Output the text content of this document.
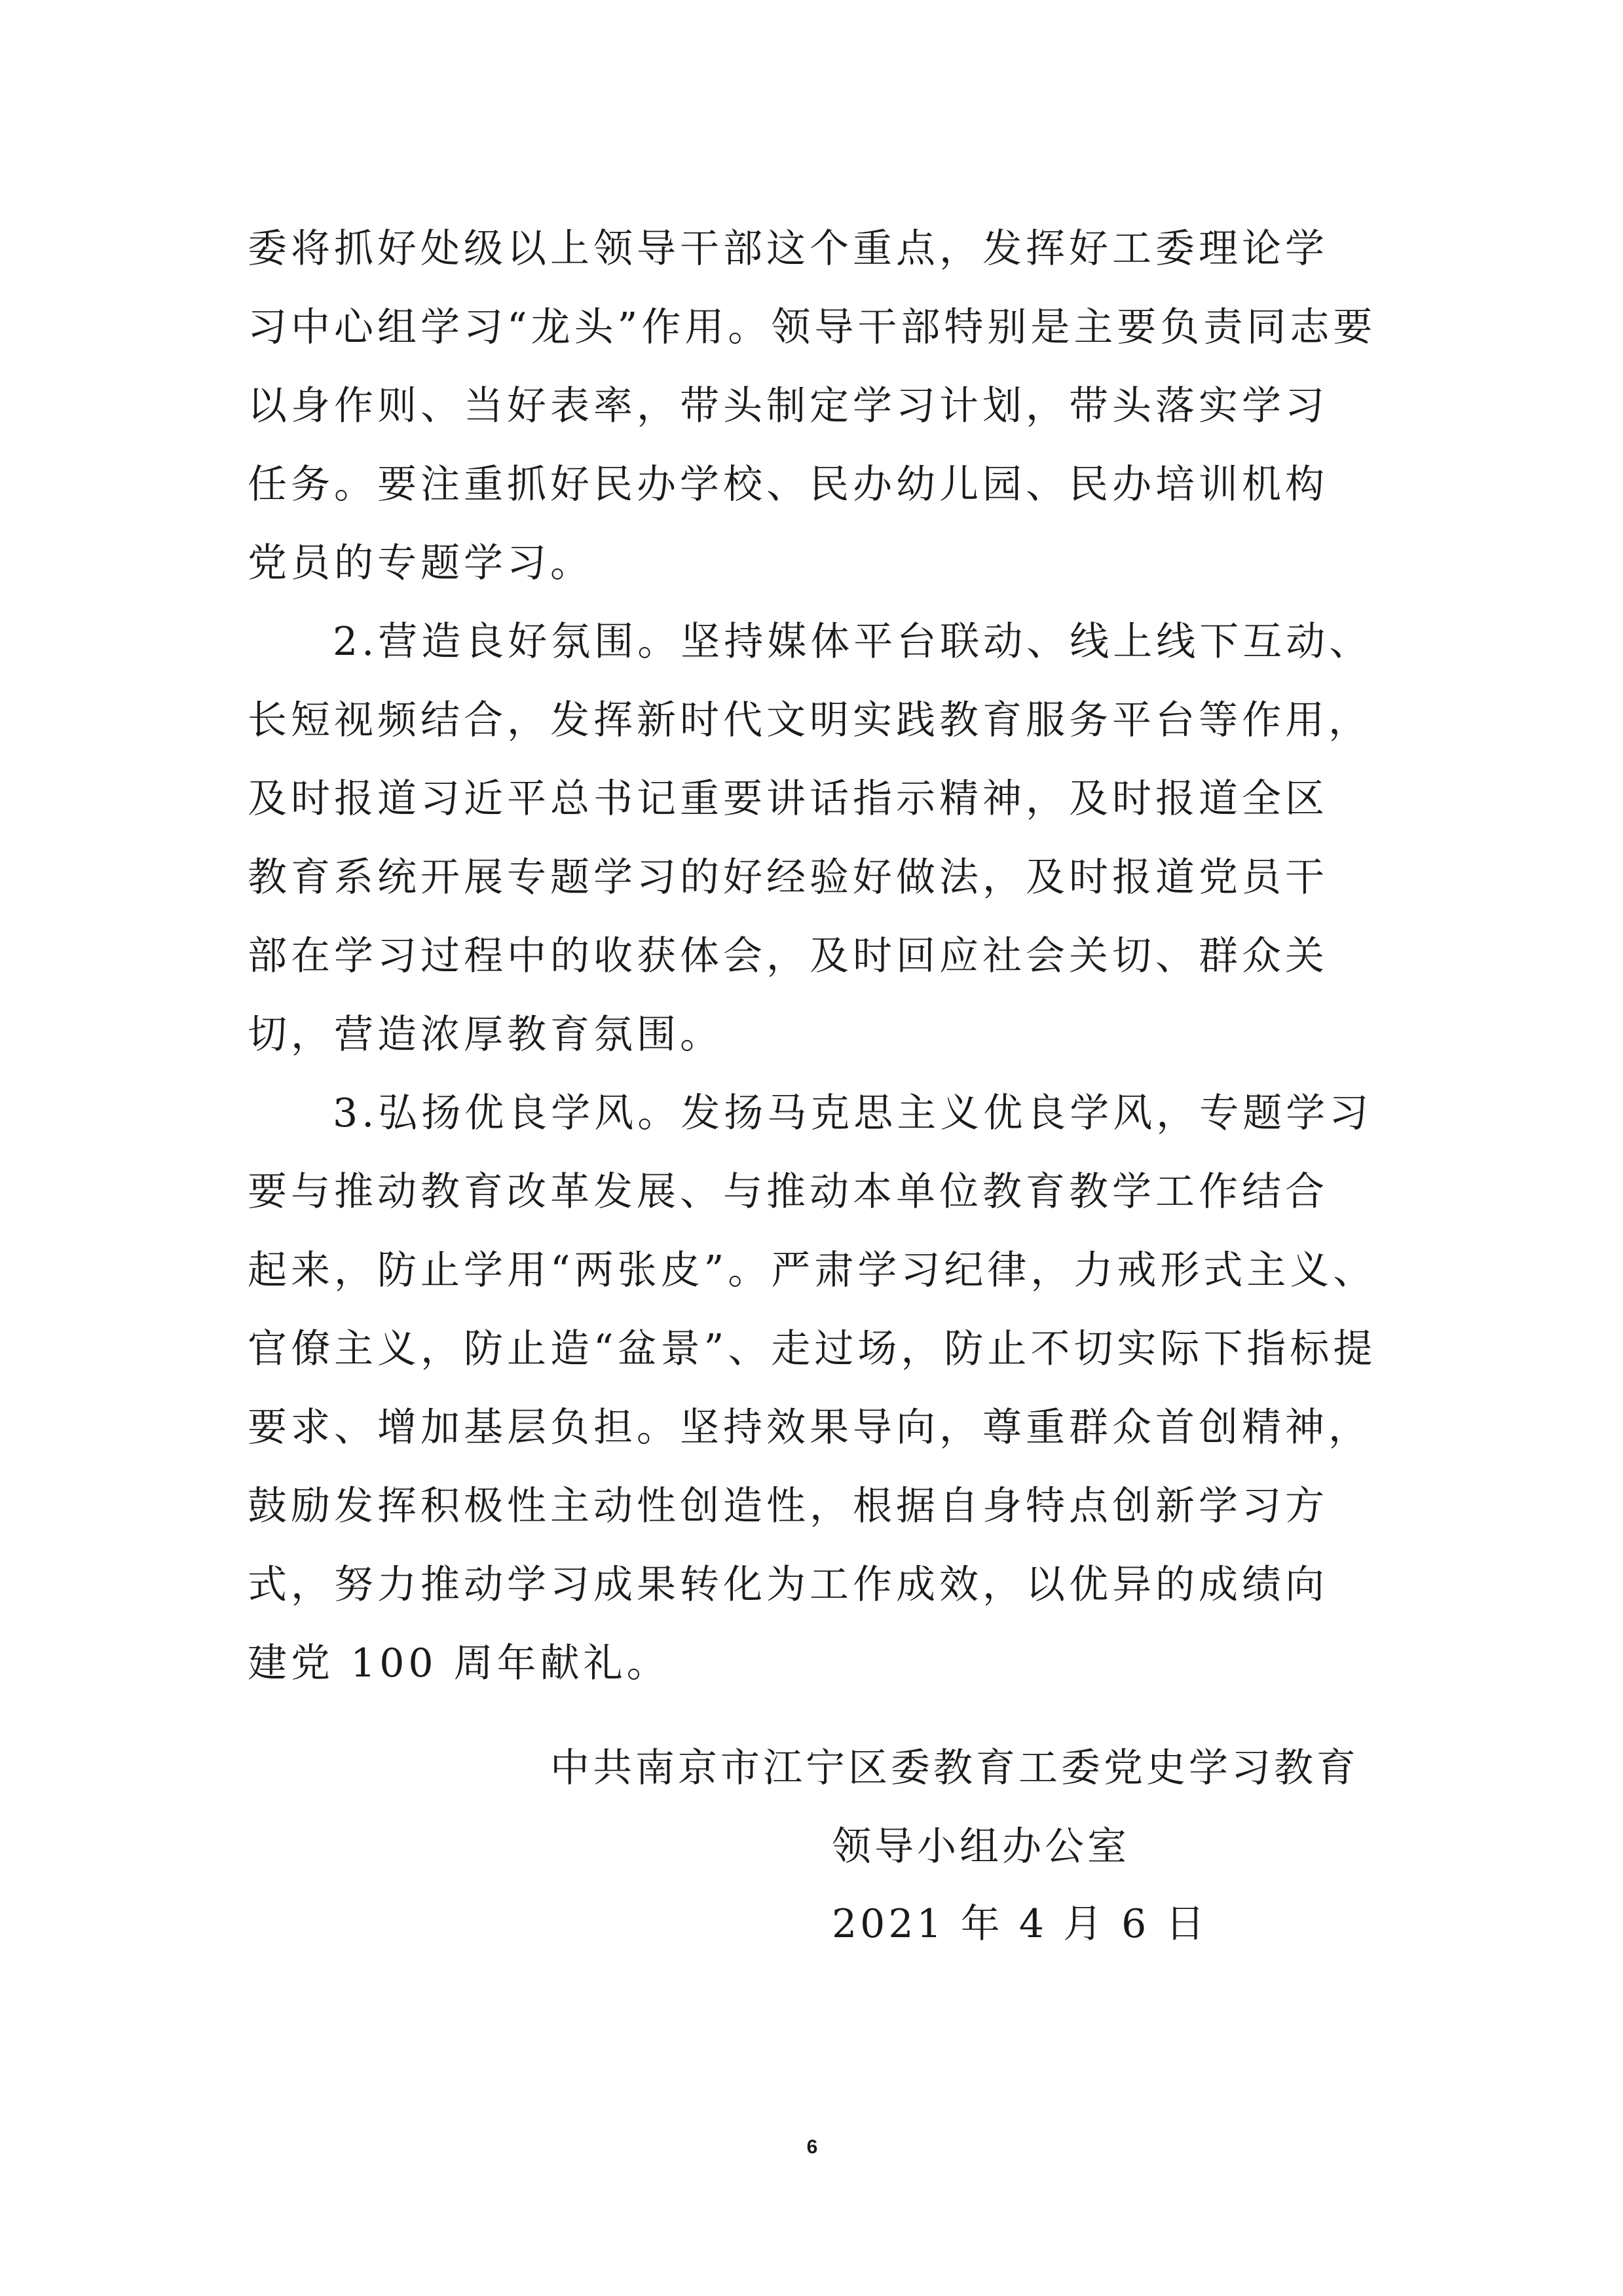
委将抓好处级以上领导干部这个重点，发挥好工委理论学
习中心组学习“龙头”作用。领导干部特别是主要负责同志要
以身作则、当好表率，带头制定学习计划，带头落实学习
任务。要注重抓好民办学校、民办幼儿园、民办培训机构
党员的专题学习。
2.营造良好氛围。坚持媒体平台联动、线上线下互动、
长短视频结合，发挥新时代文明实践教育服务平台等作用，
及时报道习近平总书记重要讲话指示精神，及时报道全区
教育系统开展专题学习的好经验好做法，及时报道党员干
部在学习过程中的收获体会，及时回应社会关切、群众关
切，营造浓厚教育氛围。
3.弘扬优良学风。发扬马克思主义优良学风，专题学习
要与推动教育改革发展、与推动本单位教育教学工作结合
起来，防止学用“两张皮”。严肃学习纪律，力戒形式主义、
官僚主义，防止造“盆景”、走过场，防止不切实际下指标提
要求、增加基层负担。坚持效果导向，尊重群众首创精神，
鼓励发挥积极性主动性创造性，根据自身特点创新学习方
式，努力推动学习成果转化为工作成效，以优异的成绩向
建党 100 周年献礼。
中共南京市江宁区委教育工委党史学习教育
领导小组办公室
2021 年 4 月 6 日
6
